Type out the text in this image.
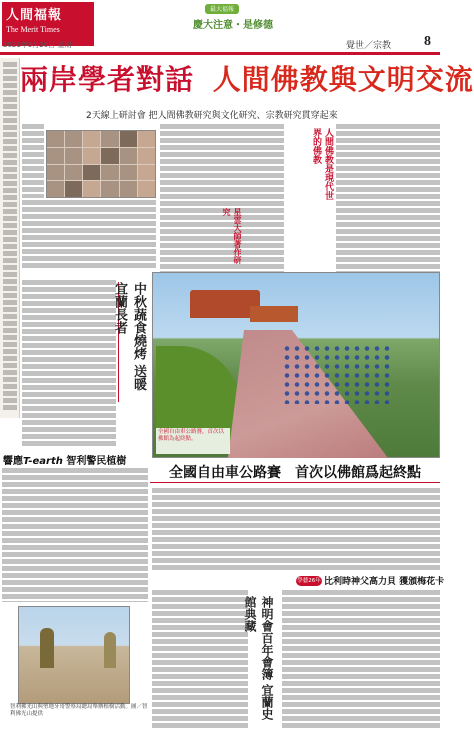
人間福報
The Merit Times
2021年9月20日 星期一
最大福報
慶大注意・是修德
覺世／宗教 8
兩岸學者對話 人間佛教與文明交流
2天線上研討會 把人間佛教研究與文化研究、宗教研究貫穿起來
人間佛教是現代世界的佛教
星雲大師著作研究
中秋蔬食燒烤 送暖宜蘭長者
全國自由車公路賽，首次以佛館為起終點。
全國自由車公路賽　首次以佛館爲起終點
響應T-earth 智利警民植樹
智利佛光山與聖地牙哥警察局總局舉辦植樹活動。圖／智利佛光山提供
學藝26年 比利時神父高力貝 獲頒梅花卡
神明會百年會簿 宜蘭史館典藏
